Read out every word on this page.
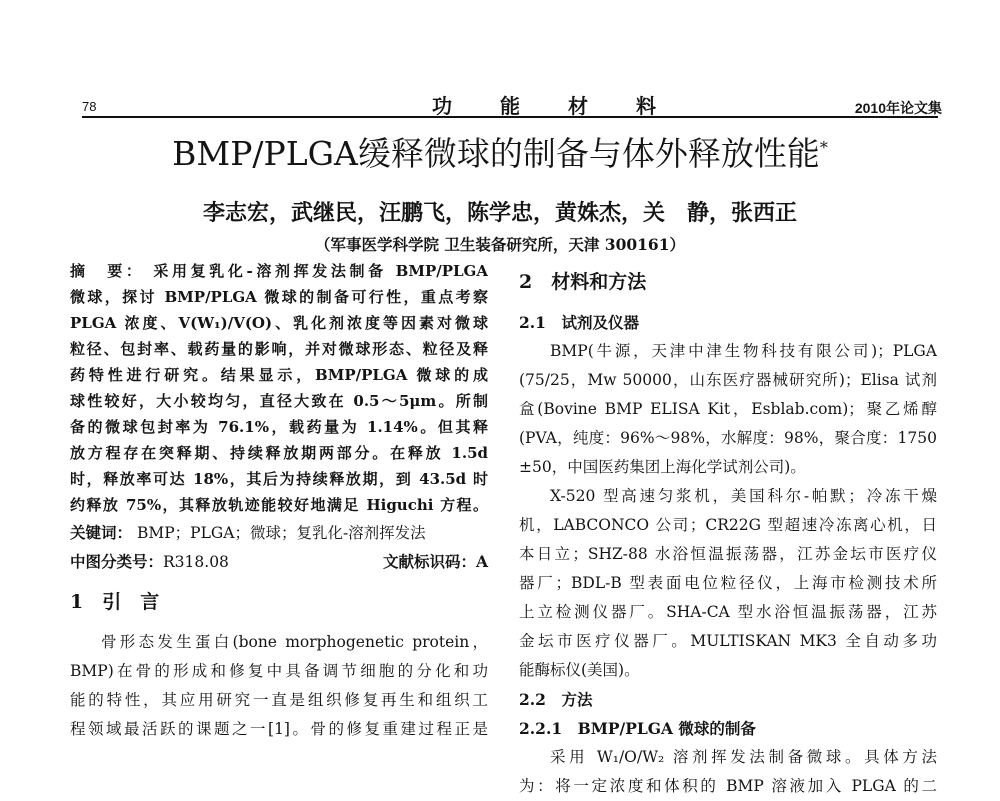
78	功能材料	2010年论文集
BMP/PLGA缓释微球的制备与体外释放性能*
李志宏，武继民，汪鹏飞，陈学忠，黄姝杰，关　静，张西正
（军事医学科学院 卫生装备研究所，天津 300161）
摘　要： 采用复乳化-溶剂挥发法制备 BMP/PLGA
微球，探讨 BMP/PLGA 微球的制备可行性，重点考察
PLGA 浓度、V(W₁)/V(O)、乳化剂浓度等因素对微球
粒径、包封率、载药量的影响，并对微球形态、粒径及释
药特性进行研究。结果显示，BMP/PLGA 微球的成
球性较好，大小较均匀，直径大致在 0.5～5μm。所制
备的微球包封率为 76.1%，载药量为 1.14%。但其释
放方程存在突释期、持续释放期两部分。在释放 1.5d
时，释放率可达 18%，其后为持续释放期，到 43.5d 时
约释放 75%，其释放轨迹能较好地满足 Higuchi 方程。
关键词： BMP；PLGA；微球；复乳化-溶剂挥发法
中图分类号：R318.08	文献标识码：A
1　引　言
骨形态发生蛋白(bone morphogenetic protein，
BMP)在骨的形成和修复中具备调节细胞的分化和功
能的特性，其应用研究一直是组织修复再生和组织工
程领域最活跃的课题之一[1]。骨的修复重建过程正是
2　材料和方法
2.1　试剂及仪器
BMP(牛源，天津中津生物科技有限公司)；PLGA
(75/25，Mw 50000，山东医疗器械研究所)；Elisa 试剂
盒(Bovine BMP ELISA Kit，Esblab.com)；聚乙烯醇
(PVA，纯度：96%～98%，水解度：98%，聚合度：1750
±50，中国医药集团上海化学试剂公司)。
X-520 型高速匀浆机，美国科尔-帕默；冷冻干燥
机，LABCONCO 公司；CR22G 型超速冷冻离心机，日
本日立；SHZ-88 水浴恒温振荡器，江苏金坛市医疗仪
器厂；BDL-B 型表面电位粒径仪，上海市检测技术所
上立检测仪器厂。SHA-CA 型水浴恒温振荡器，江苏
金坛市医疗仪器厂。MULTISKAN MK3 全自动多功
能酶标仪(美国)。
2.2　方法
2.2.1　BMP/PLGA 微球的制备
采用 W₁/O/W₂ 溶剂挥发法制备微球。具体方法
为：将一定浓度和体积的 BMP 溶液加入 PLGA 的二
